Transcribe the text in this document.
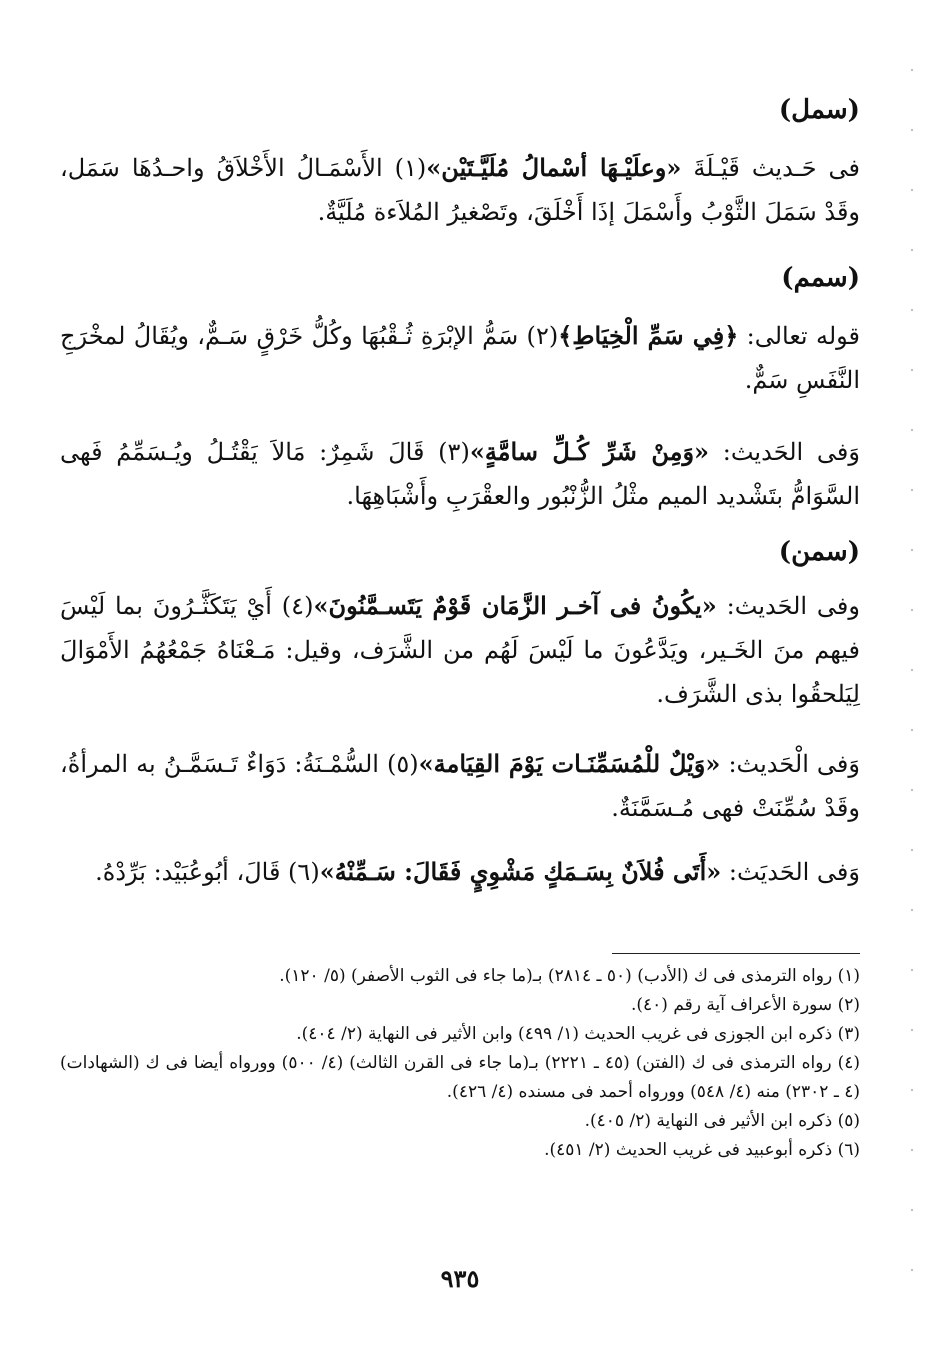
(سمل)
فى حَـديث قَيْـلَةَ «وعلَيْـهَا أسْمالُ مُلَيَّـتَيْن»(١) الأَسْمَـالُ الأَخْلاَقُ واحـدُهَا سَمَل، وقَدْ سَمَلَ الثَّوْبُ وأَسْمَلَ إذَا أَخْلَقَ، وتَصْغيرُ المُلاَءة مُلَيَّةٌ.
(سمم)
قوله تعالى: ﴿فِي سَمِّ الْخِيَاطِ﴾(٢) سَمُّ الإبْرَةِ ثُـقْبُهَا وكُلُّ خَرْقٍ سَـمٌّ، ويُقَالُ لمخْرَجِ النَّفَسِ سَمٌّ.
وَفى الحَديث: «وَمِنْ شَرِّ كُـلِّ سامَّةٍ»(٣) قَالَ شَمِرٌ: مَالاَ يَقْتُـلُ ويُـسَمِّمُ فَهى السَّوَامُّ بتَشْديد الميم مثْلُ الزُّنْبُور والعقْرَبِ وأَشْبَاهِهَا.
(سمن)
وفى الحَديث: «يكُونُ فى آخـر الزَّمَان قَوْمٌ يَتَسـمَّنُونَ»(٤) أَيْ يَتَكَثَّـرُونَ بما لَيْسَ فيهم منَ الخَـير، ويَدَّعُونَ ما لَيْسَ لَهُم من الشَّرَف، وقيل: مَـعْنَاهُ جَمْعُهُمُ الأَمْوَالَ لِيَلحقُوا بذى الشَّرَف.
وَفى الْحَديث: «وَيْلٌ للْمُسَمِّنَـات يَوْمَ القِيَامة»(٥) السُّمْـنَةُ: دَوَاءٌ تَـسَمَّـنُ به المرأةُ، وقَدْ سُمِّنَتْ فهى مُـسَمَّنَةٌ.
وَفى الحَديَث: «أَتَى فُلاَنٌ بِسَـمَكٍ مَشْوِيٍ فَقَالَ: سَـمِّنْهُ»(٦) قَالَ، أبُوعُبَيْد: بَرِّدْهُ.

(١) رواه الترمذى فى ك (الأدب) (٥٠ ـ ٢٨١٤) بـ(ما جاء فى الثوب الأصفر) (٥/ ١٢٠).

(٢) سورة الأعراف آية رقم (٤٠).

(٣) ذكره ابن الجوزى فى غريب الحديث (١/ ٤٩٩) وابن الأثير فى النهاية (٢/ ٤٠٤).

(٤) رواه الترمذى فى ك (الفتن) (٤٥ ـ ٢٢٢١) بـ(ما جاء فى القرن الثالث) (٤/ ٥٠٠) وورواه أيضا فى ك (الشهادات) (٤ ـ ٢٣٠٢) منه (٤/ ٥٤٨) وورواه أحمد فى مسنده (٤/ ٤٢٦).

(٥) ذكره ابن الأثير فى النهاية (٢/ ٤٠٥).

(٦) ذكره أبوعبيد فى غريب الحديث (٢/ ٤٥١).

٩٣٥
